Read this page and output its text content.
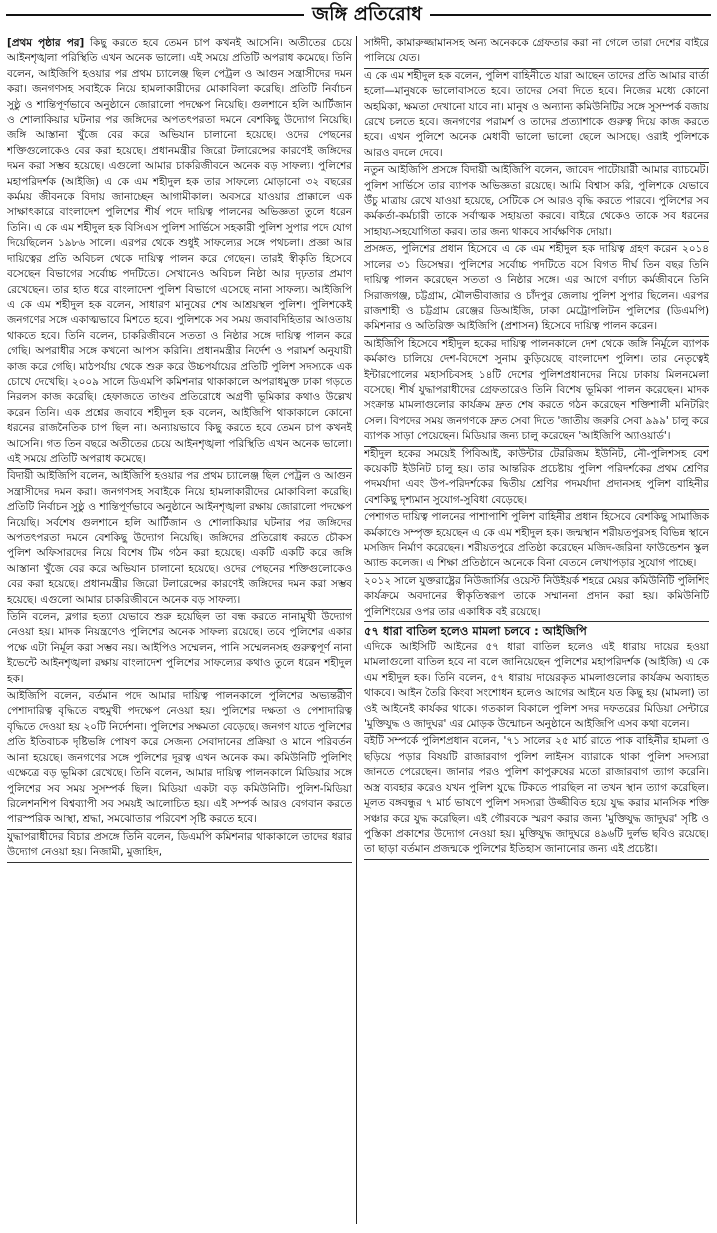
জঙ্গি প্রতিরোধ

[প্রথম পৃষ্ঠার পর] কিছু করতে হবে তেমন চাপ কখনই আসেনি। অতীতের চেয়ে আইনশৃঙ্খলা পরিস্থিতি এখন অনেক ভালো। এই সময়ে প্রতিটি অপরাধ কমেছে। তিনি বলেন, আইজিপি হওয়ার পর প্রথম চ্যালেঞ্জ ছিল পেট্রল ও আগুন সন্ত্রাসীদের দমন করা। জনগণসহ সবাইকে নিয়ে হামলাকারীদের মোকাবিলা করেছি। প্রতিটি নির্বাচন সুষ্ঠু ও শান্তিপূর্ণভাবে অনুষ্ঠানে জোরালো পদক্ষেপ নিয়েছি। গুলশানে হলি আর্টিজান ও শোলাকিয়ার ঘটনার পর জঙ্গিদের অপতৎপরতা দমনে বেশকিছু উদ্যোগ নিয়েছি। জঙ্গি আস্তানা খুঁজে বের করে অভিযান চালানো হয়েছে। ওদের পেছনের শক্তিগুলোকেও বের করা হয়েছে। প্রধানমন্ত্রীর জিরো টলারেন্সের কারণেই জঙ্গিদের দমন করা সম্ভব হয়েছে। এগুলো আমার চাকরিজীবনে অনেক বড় সাফল্য। পুলিশের মহাপরিদর্শক (আইজি) এ কে এম শহীদুল হক তার সাফল্যে মোড়ানো ৩২ বছরের কর্মময় জীবনকে বিদায় জানাচ্ছেন আগামীকাল। অবসরে যাওয়ার প্রাক্কালে এক সাক্ষাৎকারে বাংলাদেশ পুলিশের শীর্ষ পদে দায়িত্ব পালনের অভিজ্ঞতা তুলে ধরেন তিনি। এ কে এম শহীদুল হক বিসিএস পুলিশ সার্ভিসে সহকারী পুলিশ সুপার পদে যোগ দিয়েছিলেন ১৯৮৬ সালে। এরপর থেকে শুধুই সাফল্যের সঙ্গে পথচলা। প্রজ্ঞা আর দায়িত্বের প্রতি অবিচল থেকে দায়িত্ব পালন করে গেছেন। তারই স্বীকৃতি হিসেবে বসেছেন বিভাগের সর্বোচ্চ পদটিতে। সেখানেও অবিচল নিষ্ঠা আর দৃঢ়তার প্রমাণ রেখেছেন। তার হাত ধরে বাংলাদেশ পুলিশ বিভাগে এসেছে নানা সাফল্য। আইজিপি এ কে এম শহীদুল হক বলেন, সাধারণ মানুষের শেষ আশ্রয়স্থল পুলিশ। পুলিশকেই জনগণের সঙ্গে একাত্মভাবে মিশতে হবে। পুলিশকে সব সময় জবাবদিহিতার আওতায় থাকতে হবে। তিনি বলেন, চাকরিজীবনে সততা ও নিষ্ঠার সঙ্গে দায়িত্ব পালন করে গেছি। অপরাধীর সঙ্গে কখনো আপস করিনি। প্রধানমন্ত্রীর নির্দেশ ও পরামর্শ অনুযায়ী কাজ করে গেছি। মাঠপর্যায় থেকে শুরু করে উচ্চপর্যায়ের প্রতিটি পুলিশ সদস্যকে এক চোখে দেখেছি। ২০০৯ সালে ডিএমপি কমিশনার থাকাকালে অপরাধমুক্ত ঢাকা গড়তে নিরলস কাজ করেছি। হেফাজতে তাণ্ডব প্রতিরোধে অগ্রণী ভূমিকার কথাও উল্লেখ করেন তিনি। এক প্রশ্নের জবাবে শহীদুল হক বলেন, আইজিপি থাকাকালে কোনো ধরনের রাজনৈতিক চাপ ছিল না। অন্যায়ভাবে কিছু করতে হবে তেমন চাপ কখনই আসেনি। গত তিন বছরে অতীতের চেয়ে আইনশৃঙ্খলা পরিস্থিতি এখন অনেক ভালো। এই সময়ে প্রতিটি অপরাধ কমেছে।

বিদায়ী আইজিপি বলেন, আইজিপি হওয়ার পর প্রথম চ্যালেঞ্জ ছিল পেট্রল ও আগুন সন্ত্রাসীদের দমন করা। জনগণসহ সবাইকে নিয়ে হামলাকারীদের মোকাবিলা করেছি। প্রতিটি নির্বাচন সুষ্ঠু ও শান্তিপূর্ণভাবে অনুষ্ঠানে আইনশৃঙ্খলা রক্ষায় জোরালো পদক্ষেপ নিয়েছি। সর্বশেষ গুলশানে হলি আর্টিজান ও শোলাকিয়ার ঘটনার পর জঙ্গিদের অপতৎপরতা দমনে বেশকিছু উদ্যোগ নিয়েছি। জঙ্গিদের প্রতিরোধ করতে চৌকস পুলিশ অফিসারদের নিয়ে বিশেষ টিম গঠন করা হয়েছে। একটি একটি করে জঙ্গি আস্তানা খুঁজে বের করে অভিযান চালানো হয়েছে। ওদের পেছনের শক্তিগুলোকেও বের করা হয়েছে। প্রধানমন্ত্রীর জিরো টলারেন্সের কারণেই জঙ্গিদের দমন করা সম্ভব হয়েছে। এগুলো আমার চাকরিজীবনে অনেক বড় সাফল্য।

তিনি বলেন, ব্লগার হত্যা যেভাবে শুরু হয়েছিল তা বন্ধ করতে নানামুখী উদ্যোগ নেওয়া হয়। মাদক নিয়ন্ত্রণেও পুলিশের অনেক সাফল্য রয়েছে। তবে পুলিশের একার পক্ষে এটা নির্মূল করা সম্ভব নয়। আইপিও সম্মেলন, পানি সম্মেলনসহ গুরুত্বপূর্ণ নানা ইভেন্টে আইনশৃঙ্খলা রক্ষায় বাংলাদেশ পুলিশের সাফল্যের কথাও তুলে ধরেন শহীদুল হক।

আইজিপি বলেন, বর্তমান পদে আমার দায়িত্ব পালনকালে পুলিশের অভ্যন্তরীণ পেশাদারিত্ব বৃদ্ধিতে বহুমুখী পদক্ষেপ নেওয়া হয়। পুলিশের দক্ষতা ও পেশাদারিত্ব বৃদ্ধিতে দেওয়া হয় ২০টি নির্দেশনা। পুলিশের সক্ষমতা বেড়েছে। জনগণ যাতে পুলিশের প্রতি ইতিবাচক দৃষ্টিভঙ্গি পোষণ করে সেজন্য সেবাদানের প্রক্রিয়া ও মানে পরিবর্তন আনা হয়েছে। জনগণের সঙ্গে পুলিশের দূরত্ব এখন অনেক কম। কমিউনিটি পুলিশিং এক্ষেত্রে বড় ভূমিকা রেখেছে। তিনি বলেন, আমার দায়িত্ব পালনকালে মিডিয়ার সঙ্গে পুলিশের সব সময় সুসম্পর্ক ছিল। মিডিয়া একটা বড় কমিউনিটি। পুলিশ-মিডিয়া রিলেশনশিপ বিশ্বব্যাপী সব সময়ই আলোচিত হয়। এই সম্পর্ক আরও বেগবান করতে পারস্পরিক আস্থা, শ্রদ্ধা, সমঝোতার পরিবেশ সৃষ্টি করতে হবে।

যুদ্ধাপরাধীদের বিচার প্রসঙ্গে তিনি বলেন, ডিএমপি কমিশনার থাকাকালে তাদের ধরার উদ্যোগ নেওয়া হয়। নিজামী, মুজাহিদ,

সাঈদী, কামারুজ্জামানসহ অন্য অনেককে গ্রেফতার করা না গেলে তারা দেশের বাইরে পালিয়ে যেত।

এ কে এম শহীদুল হক বলেন, পুলিশ বাহিনীতে যারা আছেন তাদের প্রতি আমার বার্তা হলো—মানুষকে ভালোবাসতে হবে। তাদের সেবা দিতে হবে। নিজের মধ্যে কোনো অহমিকা, ক্ষমতা দেখানো যাবে না। মানুষ ও অন্যান্য কমিউনিটির সঙ্গে সুসম্পর্ক বজায় রেখে চলতে হবে। জনগণের পরামর্শ ও তাদের প্রত্যাশাকে গুরুত্ব দিয়ে কাজ করতে হবে। এখন পুলিশে অনেক মেধাবী ভালো ভালো ছেলে আসছে। ওরাই পুলিশকে আরও বদলে দেবে।

নতুন আইজিপি প্রসঙ্গে বিদায়ী আইজিপি বলেন, জাবেদ পাটোয়ারী আমার ব্যাচমেট। পুলিশ সার্ভিসে তার ব্যাপক অভিজ্ঞতা রয়েছে। আমি বিশ্বাস করি, পুলিশকে যেভাবে উঁচু মাত্রায় রেখে যাওয়া হয়েছে, সেটিকে সে আরও বৃদ্ধি করতে পারবে। পুলিশের সব কর্মকর্তা-কর্মচারী তাকে সর্বাত্মক সহায়তা করবে। বাইরে থেকেও তাকে সব ধরনের সাহায্য-সহযোগিতা করব। তার জন্য থাকবে সার্বক্ষণিক দোয়া।

প্রসঙ্গত, পুলিশের প্রধান হিসেবে এ কে এম শহীদুল হক দায়িত্ব গ্রহণ করেন ২০১৪ সালের ৩১ ডিসেম্বর। পুলিশের সর্বোচ্চ পদটিতে বসে বিগত দীর্ঘ তিন বছর তিনি দায়িত্ব পালন করেছেন সততা ও নিষ্ঠার সঙ্গে। এর আগে বর্ণাঢ্য কর্মজীবনে তিনি সিরাজগঞ্জ, চট্টগ্রাম, মৌলভীবাজার ও চাঁদপুর জেলায় পুলিশ সুপার ছিলেন। এরপর রাজশাহী ও চট্টগ্রাম রেঞ্জের ডিআইজি, ঢাকা মেট্রোপলিটন পুলিশের (ডিএমপি) কমিশনার ও অতিরিক্ত আইজিপি (প্রশাসন) হিসেবে দায়িত্ব পালন করেন।

আইজিপি হিসেবে শহীদুল হকের দায়িত্ব পালনকালে দেশ থেকে জঙ্গি নির্মূলে ব্যাপক কর্মকাণ্ড চালিয়ে দেশ-বিদেশে সুনাম কুড়িয়েছে বাংলাদেশ পুলিশ। তার নেতৃত্বেই ইন্টারপোলের মহাসচিবসহ ১৪টি দেশের পুলিশপ্রধানদের নিয়ে ঢাকায় মিলনমেলা বসেছে। শীর্ষ যুদ্ধাপরাধীদের গ্রেফতারেও তিনি বিশেষ ভূমিকা পালন করেছেন। মাদক সংক্রান্ত মামলাগুলোর কার্যক্রম দ্রুত শেষ করতে গঠন করেছেন শক্তিশালী মনিটরিং সেল। বিপদের সময় জনগণকে দ্রুত সেবা দিতে 'জাতীয় জরুরি সেবা ৯৯৯' চালু করে ব্যাপক সাড়া পেয়েছেন। মিডিয়ার জন্য চালু করেছেন 'আইজিপি অ্যাওয়ার্ড'।

শহীদুল হকের সময়েই পিবিআই, কাউন্টার টেররিজম ইউনিট, নৌ-পুলিশসহ বেশ কয়েকটি ইউনিট চালু হয়। তার আন্তরিক প্রচেষ্টায় পুলিশ পরিদর্শকের প্রথম শ্রেণির পদমর্যাদা এবং উপ-পরিদর্শকের দ্বিতীয় শ্রেণির পদমর্যাদা প্রদানসহ পুলিশ বাহিনীর বেশকিছু দৃশ্যমান সুযোগ-সুবিধা বেড়েছে।

পেশাগত দায়িত্ব পালনের পাশাপাশি পুলিশ বাহিনীর প্রধান হিসেবে বেশকিছু সামাজিক কর্মকাণ্ডে সম্পৃক্ত হয়েছেন এ কে এম শহীদুল হক। জন্মস্থান শরীয়তপুরসহ বিভিন্ন স্থানে মসজিদ নির্মাণ করেছেন। শরীয়তপুরে প্রতিষ্ঠা করেছেন মজিদ-জরিনা ফাউন্ডেশন স্কুল অ্যান্ড কলেজ। এ শিক্ষা প্রতিষ্ঠানে অনেকে বিনা বেতনে লেখাপড়ার সুযোগ পাচ্ছে।

২০১২ সালে যুক্তরাষ্ট্রের নিউজার্সির ওয়েস্ট নিউইয়র্ক শহরে মেয়র কমিউনিটি পুলিশিং কার্যক্রমে অবদানের স্বীকৃতিস্বরূপ তাকে সম্মাননা প্রদান করা হয়। কমিউনিটি পুলিশিংয়ের ওপর তার একাধিক বই রয়েছে।

৫৭ ধারা বাতিল হলেও মামলা চলবে : আইজিপি

এদিকে আইসিটি আইনের ৫৭ ধারা বাতিল হলেও এই ধারায় দায়ের হওয়া মামলাগুলো বাতিল হবে না বলে জানিয়েছেন পুলিশের মহাপরিদর্শক (আইজি) এ কে এম শহীদুল হক। তিনি বলেন, ৫৭ ধারায় দায়েরকৃত মামলাগুলোর কার্যক্রম অব্যাহত থাকবে। আইন তৈরি কিংবা সংশোধন হলেও আগের আইনে যত কিছু হয় (মামলা) তা ওই আইনেই কার্যকর থাকে। গতকাল বিকালে পুলিশ সদর দফতরের মিডিয়া সেন্টারে 'মুক্তিযুদ্ধ ও জাদুঘর' এর মোড়ক উন্মোচন অনুষ্ঠানে আইজিপি এসব কথা বলেন।

বইটি সম্পর্কে পুলিশপ্রধান বলেন, '৭১ সালের ২৫ মার্চ রাতে পাক বাহিনীর হামলা ও ছড়িয়ে পড়ার বিষয়টি রাজারবাগ পুলিশ লাইনস ব্যারাকে থাকা পুলিশ সদস্যরা জানতে পেরেছেন। জানার পরও পুলিশ কাপুরুষের মতো রাজারবাগ ত্যাগ করেনি। অস্ত্র ব্যবহার করেও যখন পুলিশ যুদ্ধে টিকতে পারছিল না তখন স্থান ত্যাগ করেছিল। মূলত বঙ্গবন্ধুর ৭ মার্চ ভাষণে পুলিশ সদস্যরা উজ্জীবিত হয়ে যুদ্ধ করার মানসিক শক্তি সঞ্চার করে যুদ্ধ করেছিল। এই গৌরবকে স্মরণ করার জন্য 'মুক্তিযুদ্ধ জাদুঘর' সৃষ্টি ও পুস্তিকা প্রকাশের উদ্যোগ নেওয়া হয়। মুক্তিযুদ্ধ জাদুঘরে ৪৯৬টি দুর্লভ ছবিও রয়েছে। তা ছাড়া বর্তমান প্রজন্মকে পুলিশের ইতিহাস জানানোর জন্য এই প্রচেষ্টা।
